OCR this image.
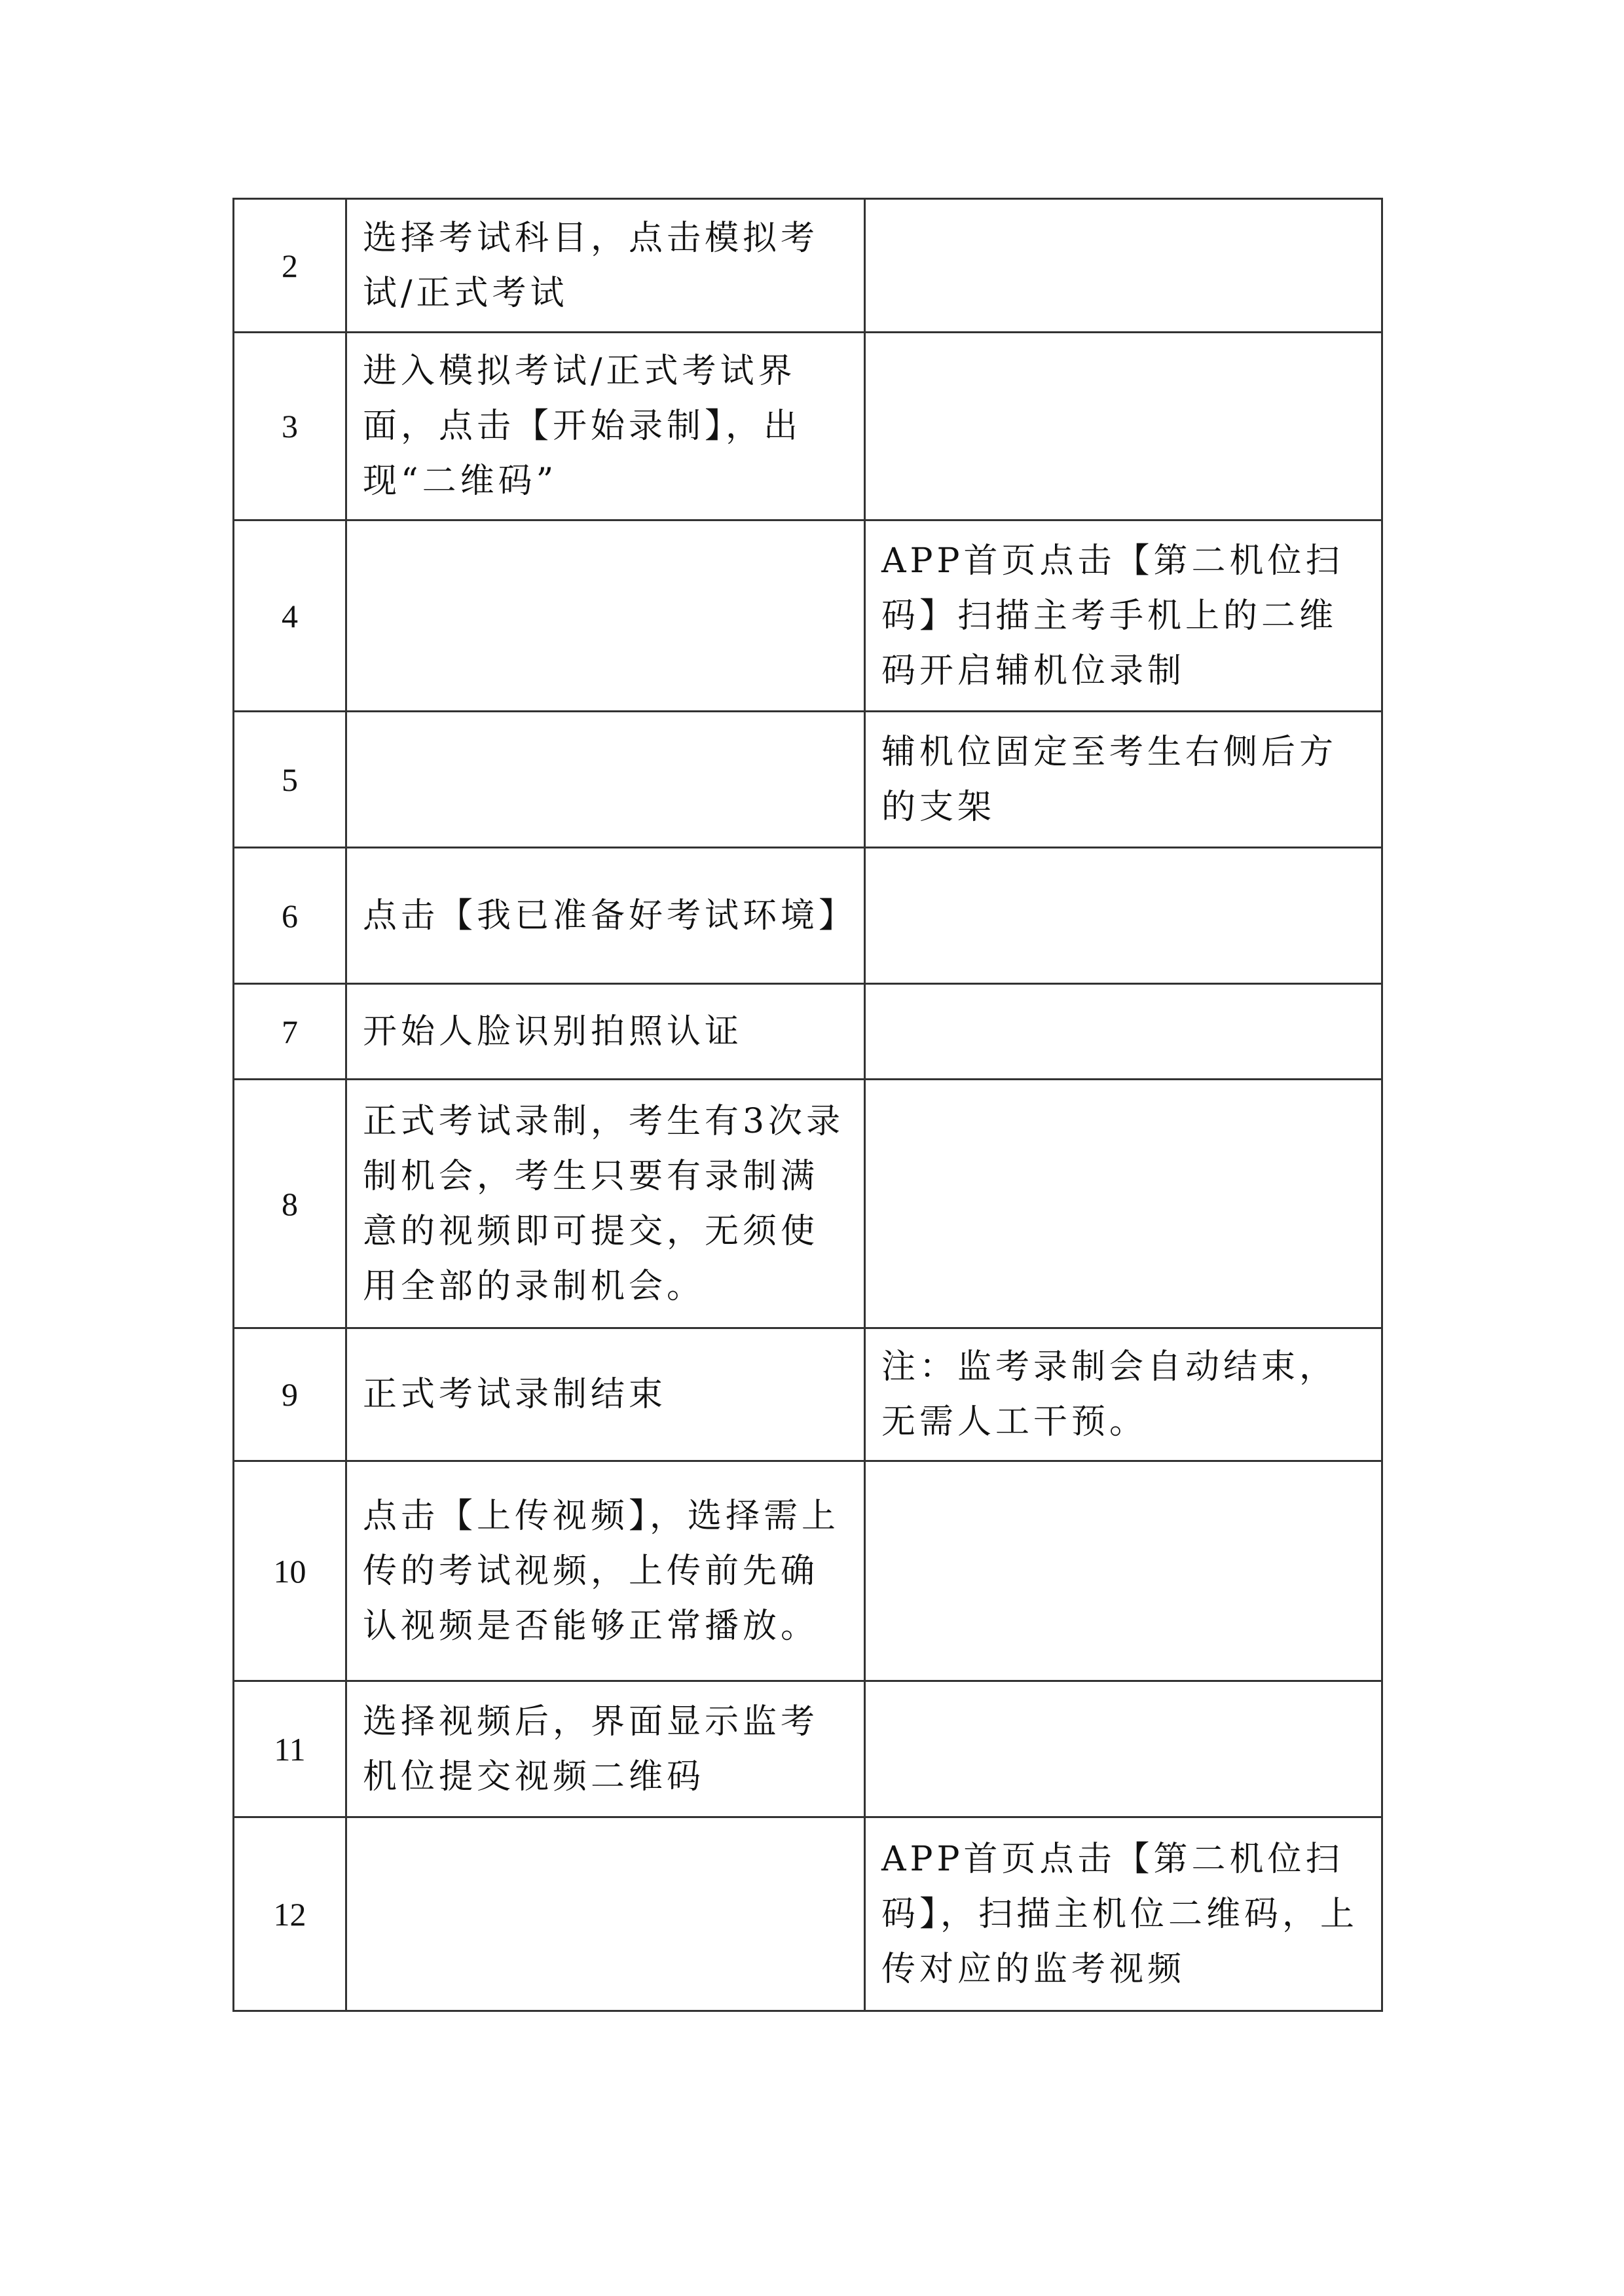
2	选择考试科目，点击模拟考试/正式考试	
3	进入模拟考试/正式考试界面，点击【开始录制】，出现“二维码”	
4		APP首页点击【第二机位扫码】扫描主考手机上的二维码开启辅机位录制
5		辅机位固定至考生右侧后方的支架
6	点击【我已准备好考试环境】	
7	开始人脸识别拍照认证	
8	正式考试录制，考生有3次录制机会，考生只要有录制满意的视频即可提交，无须使用全部的录制机会。	
9	正式考试录制结束	注：监考录制会自动结束，无需人工干预。
10	点击【上传视频】，选择需上传的考试视频，上传前先确认视频是否能够正常播放。	
11	选择视频后，界面显示监考机位提交视频二维码	
12		APP首页点击【第二机位扫码】，扫描主机位二维码，上传对应的监考视频
